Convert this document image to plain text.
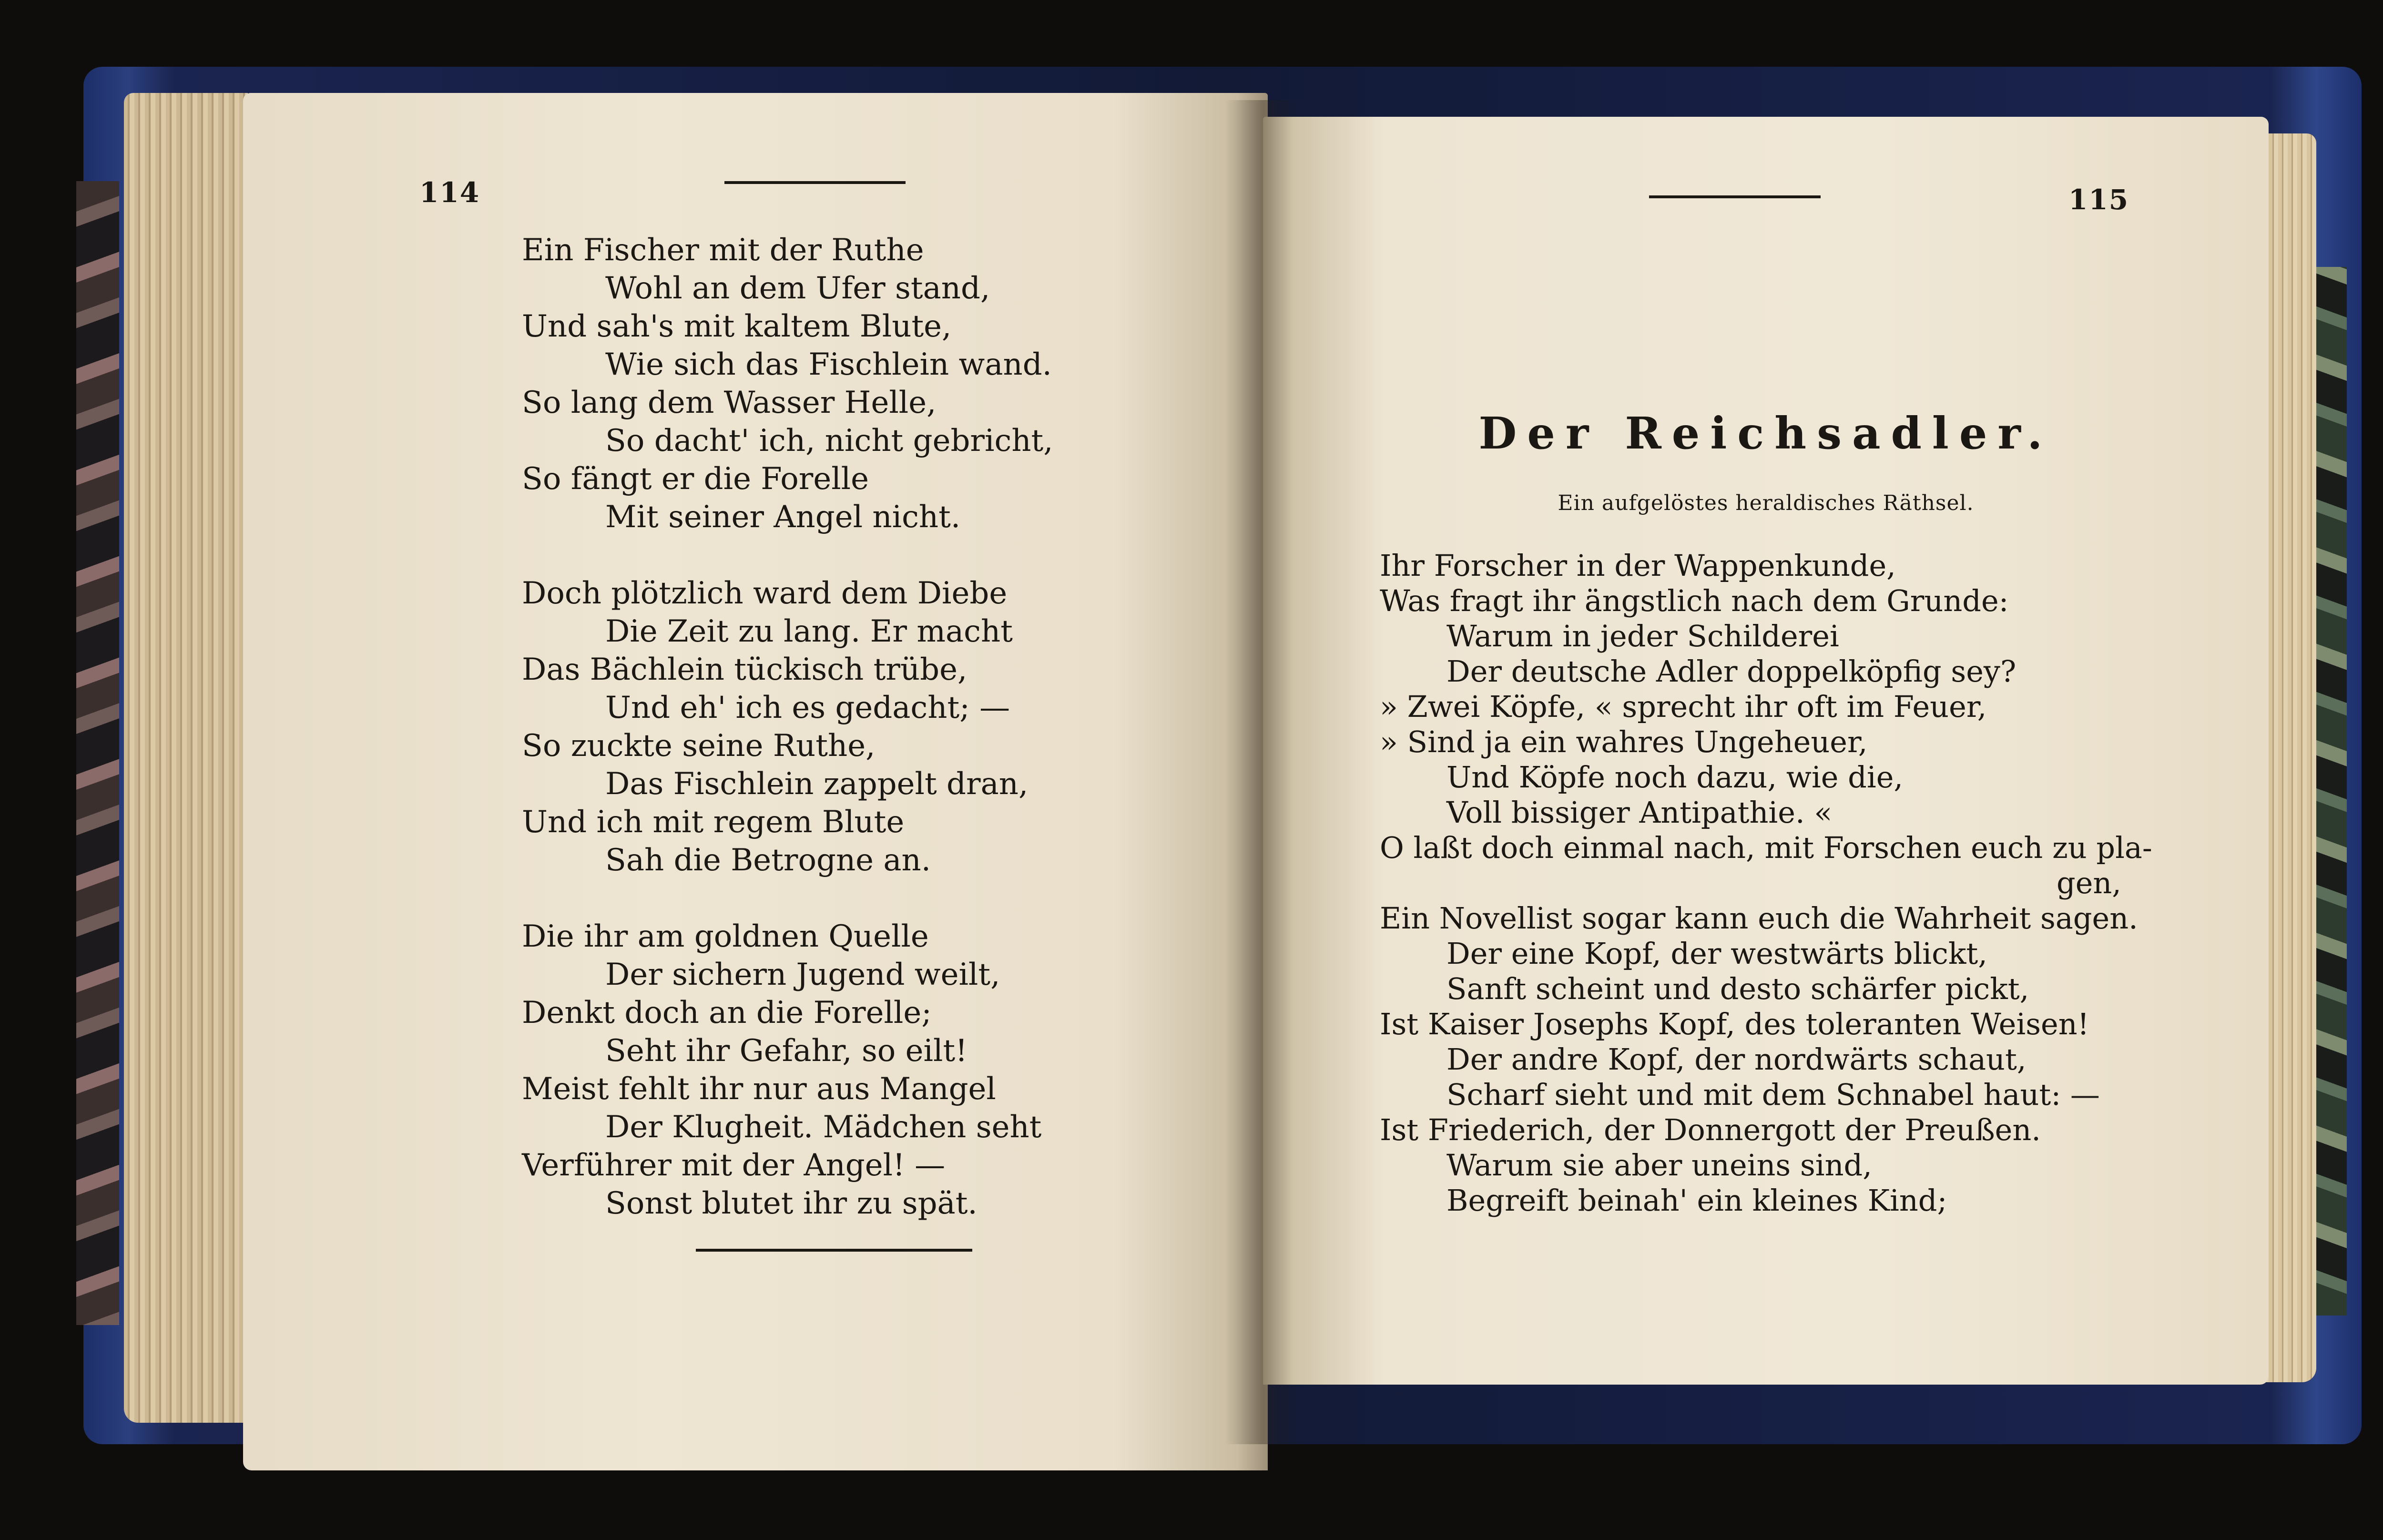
114
Ein Fischer mit der Ruthe
Wohl an dem Ufer stand,
Und sah's mit kaltem Blute,
Wie sich das Fischlein wand.
So lang dem Wasser Helle,
So dacht' ich, nicht gebricht,
So fängt er die Forelle
Mit seiner Angel nicht.
Doch plötzlich ward dem Diebe
Die Zeit zu lang. Er macht
Das Bächlein tückisch trübe,
Und eh' ich es gedacht; —
So zuckte seine Ruthe,
Das Fischlein zappelt dran,
Und ich mit regem Blute
Sah die Betrogne an.
Die ihr am goldnen Quelle
Der sichern Jugend weilt,
Denkt doch an die Forelle;
Seht ihr Gefahr, so eilt!
Meist fehlt ihr nur aus Mangel
Der Klugheit. Mädchen seht
Verführer mit der Angel! —
Sonst blutet ihr zu spät.
115
Der Reichsadler.
Ein aufgelöstes heraldisches Räthsel.
Ihr Forscher in der Wappenkunde,
Was fragt ihr ängstlich nach dem Grunde:
Warum in jeder Schilderei
Der deutsche Adler doppelköpfig sey?
» Zwei Köpfe, « sprecht ihr oft im Feuer,
» Sind ja ein wahres Ungeheuer,
Und Köpfe noch dazu, wie die,
Voll bissiger Antipathie. «
O laßt doch einmal nach, mit Forschen euch zu pla-
gen,
Ein Novellist sogar kann euch die Wahrheit sagen.
Der eine Kopf, der westwärts blickt,
Sanft scheint und desto schärfer pickt,
Ist Kaiser Josephs Kopf, des toleranten Weisen!
Der andre Kopf, der nordwärts schaut,
Scharf sieht und mit dem Schnabel haut: —
Ist Friederich, der Donnergott der Preußen.
Warum sie aber uneins sind,
Begreift beinah' ein kleines Kind;
